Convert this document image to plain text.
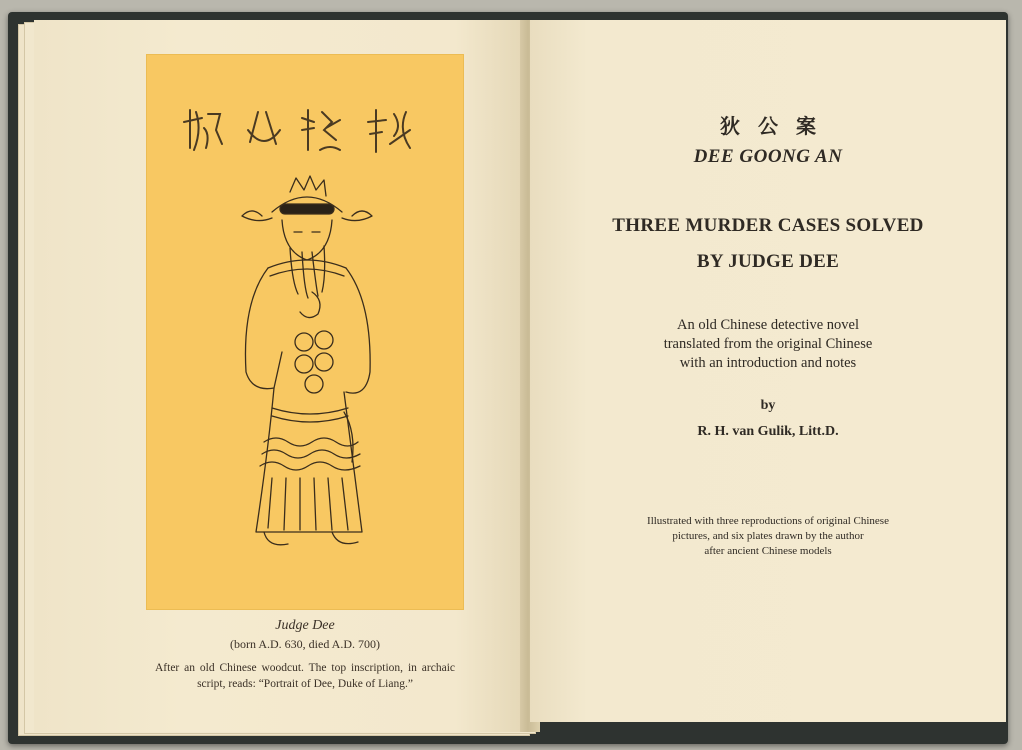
Judge Dee
(born A.D. 630, died A.D. 700)
After an old Chinese woodcut. The top inscription, in archaic script, reads: “Portrait of Dee, Duke of Liang.”
狄公案
DEE GOONG AN
THREE MURDER CASES SOLVED
BY JUDGE DEE
An old Chinese detective novel
translated from the original Chinese
with an introduction and notes
by
R. H. van Gulik, Litt.D.
Illustrated with three reproductions of original Chinese
pictures, and six plates drawn by the author
after ancient Chinese models
